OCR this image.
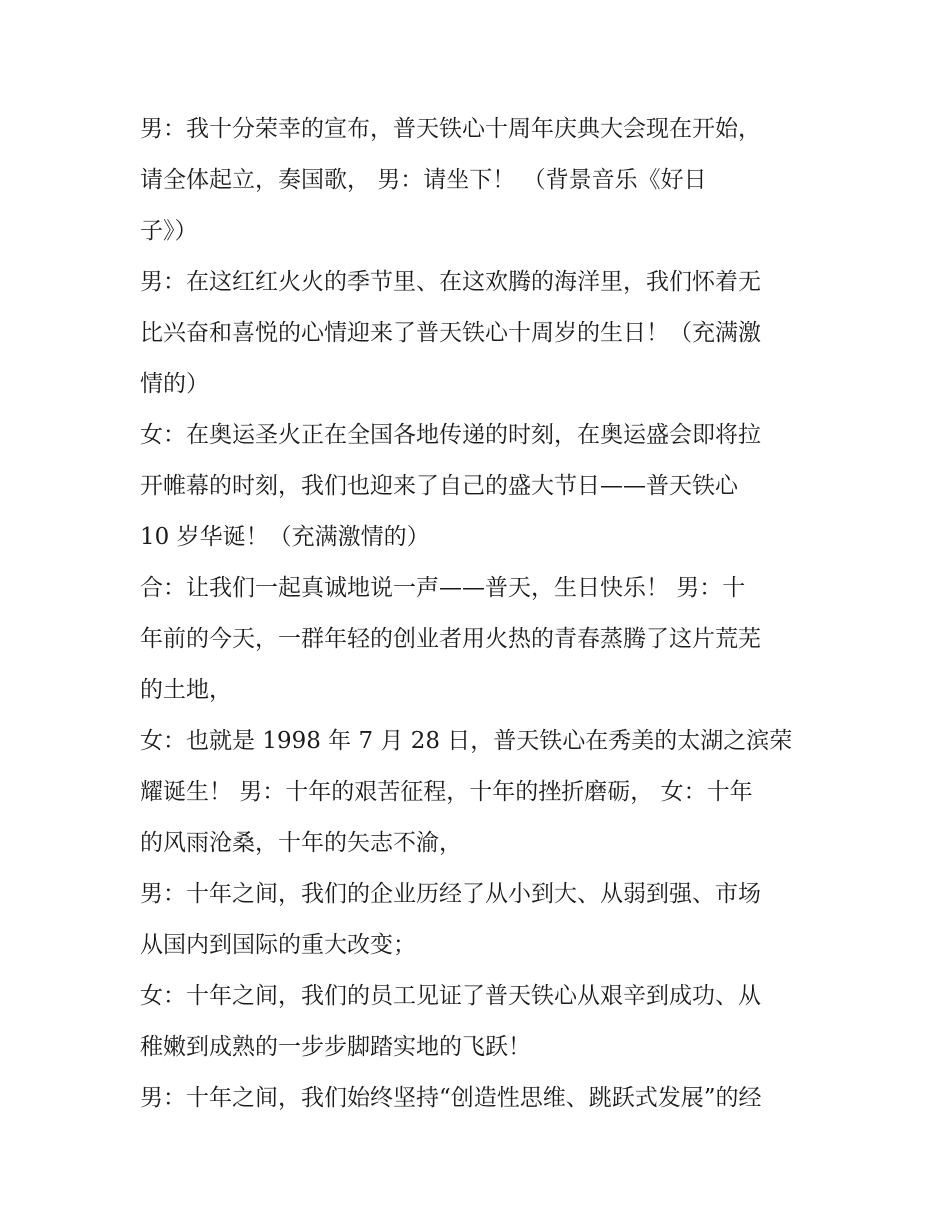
男：我十分荣幸的宣布，普天铁心十周年庆典大会现在开始，
请全体起立，奏国歌， 男：请坐下！ （背景音乐《好日
子》）
男：在这红红火火的季节里、在这欢腾的海洋里，我们怀着无
比兴奋和喜悦的心情迎来了普天铁心十周岁的生日！（充满激
情的）
女：在奥运圣火正在全国各地传递的时刻，在奥运盛会即将拉
开帷幕的时刻，我们也迎来了自己的盛大节日——普天铁心
10 岁华诞！（充满激情的）
合：让我们一起真诚地说一声——普天，生日快乐！ 男：十
年前的今天，一群年轻的创业者用火热的青春蒸腾了这片荒芜
的土地，
女：也就是 1998 年 7 月 28 日，普天铁心在秀美的太湖之滨荣
耀诞生！ 男：十年的艰苦征程，十年的挫折磨砺， 女：十年
的风雨沧桑，十年的矢志不渝，
男：十年之间，我们的企业历经了从小到大、从弱到强、市场
从国内到国际的重大改变；
女：十年之间，我们的员工见证了普天铁心从艰辛到成功、从
稚嫩到成熟的一步步脚踏实地的飞跃！
男：十年之间，我们始终坚持“创造性思维、跳跃式发展”的经
